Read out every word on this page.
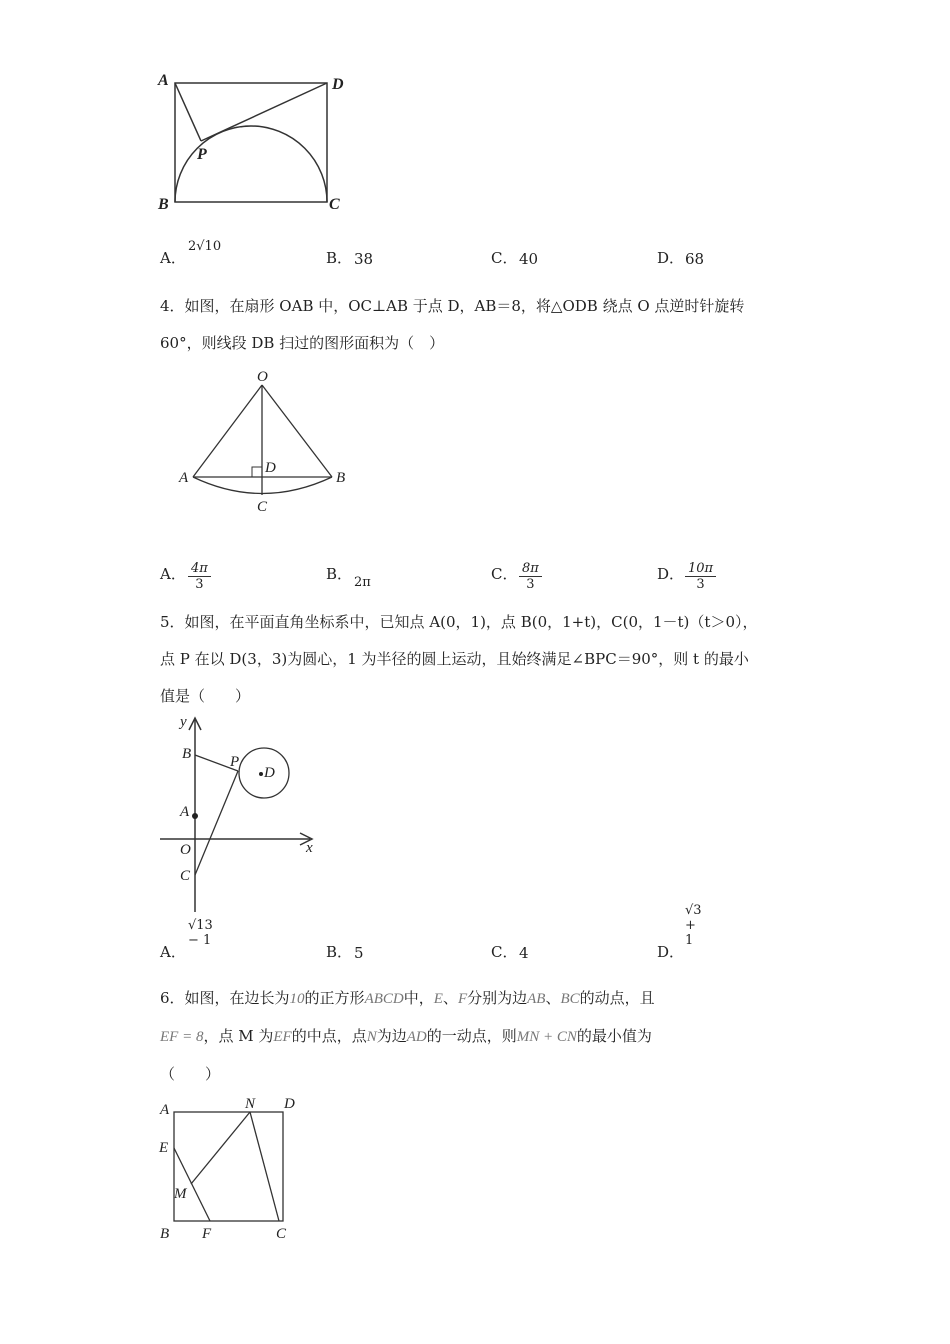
A	D
B	C
P
A．
2√10
B． 38	C． 40	D． 68

4．如图，在扇形 OAB 中，OC⊥AB 于点 D，AB＝8，将△ODB 绕点 O 点逆时针旋转

60°，则线段 DB 扫过的图形面积为（　）

O
A	B
D
C
A． $\frac{4\pi}{3}$	B． 2π	C． $\frac{8\pi}{3}$	D． $\frac{10\pi}{3}$

5．如图，在平面直角坐标系中，已知点 A(0，1)，点 B(0，1+t)，C(0，1－t)（t＞0），

点 P 在以 D(3，3)为圆心，1 为半径的圆上运动，且始终满足∠BPC＝90°，则 t 的最小

值是（　　）

y
x
B	P
D
A
O
C
A．
√13 − 1
B． 5	C． 4	D．
√3 + 1

6．如图，在边长为10的正方形ABCD中，E、F分别为边AB、BC的动点，且

EF = 8，点 M 为EF的中点，点N为边AD的一动点，则MN + CN的最小值为

（　　）

A	N D
E
M
B F	C
